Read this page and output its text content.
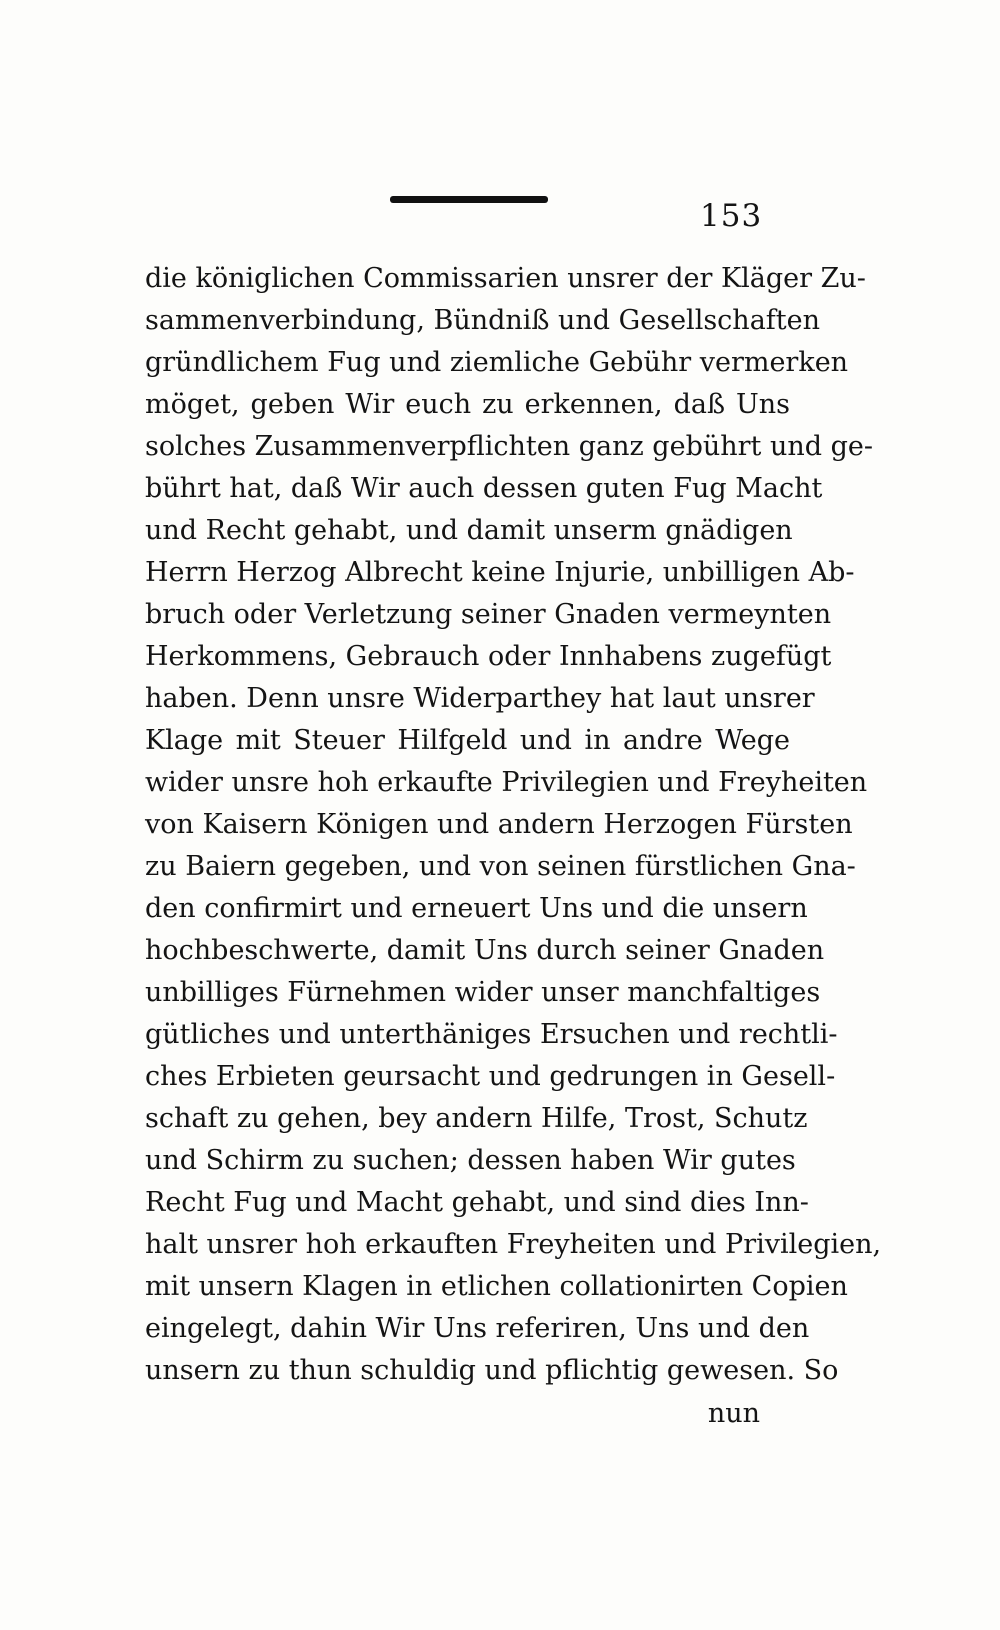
153
die königlichen Commissarien unsrer der Kläger Zu-
sammenverbindung, Bündniß und Gesellschaften
gründlichem Fug und ziemliche Gebühr vermerken
möget, geben Wir euch zu erkennen, daß Uns
solches Zusammenverpflichten ganz gebührt und ge-
bührt hat, daß Wir auch dessen guten Fug Macht
und Recht gehabt, und damit unserm gnädigen
Herrn Herzog Albrecht keine Injurie, unbilligen Ab-
bruch oder Verletzung seiner Gnaden vermeynten
Herkommens, Gebrauch oder Innhabens zugefügt
haben. Denn unsre Widerparthey hat laut unsrer
Klage mit Steuer Hilfgeld und in andre Wege
wider unsre hoh erkaufte Privilegien und Freyheiten
von Kaisern Königen und andern Herzogen Fürsten
zu Baiern gegeben, und von seinen fürstlichen Gna-
den confirmirt und erneuert Uns und die unsern
hochbeschwerte, damit Uns durch seiner Gnaden
unbilliges Fürnehmen wider unser manchfaltiges
gütliches und unterthäniges Ersuchen und rechtli-
ches Erbieten geursacht und gedrungen in Gesell-
schaft zu gehen, bey andern Hilfe, Trost, Schutz
und Schirm zu suchen; dessen haben Wir gutes
Recht Fug und Macht gehabt, und sind dies Inn-
halt unsrer hoh erkauften Freyheiten und Privilegien,
mit unsern Klagen in etlichen collationirten Copien
eingelegt, dahin Wir Uns referiren, Uns und den
unsern zu thun schuldig und pflichtig gewesen. So
nun
